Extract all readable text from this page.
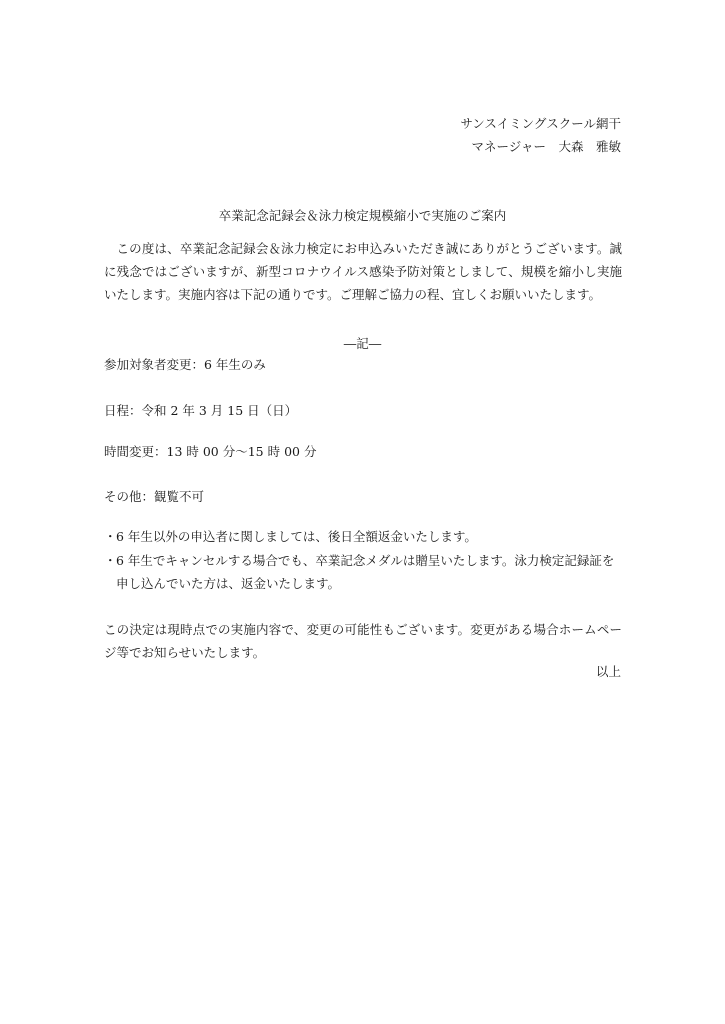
サンスイミングスクール網干
マネージャー　大森　雅敏
卒業記念記録会＆泳力検定規模縮小で実施のご案内
この度は、卒業記念記録会＆泳力検定にお申込みいただき誠にありがとうございます。誠に残念ではございますが、新型コロナウイルス感染予防対策としまして、規模を縮小し実施いたします。実施内容は下記の通りです。ご理解ご協力の程、宜しくお願いいたします。
―記―
参加対象者変更：6 年生のみ
日程：令和 2 年 3 月 15 日（日）
時間変更：13 時 00 分～15 時 00 分
その他：観覧不可
・ 6 年生以外の申込者に関しましては、後日全額返金いたします。
・ 6 年生でキャンセルする場合でも、卒業記念メダルは贈呈いたします。泳力検定記録証を申し込んでいた方は、返金いたします。
この決定は現時点での実施内容で、変更の可能性もございます。変更がある場合ホームページ等でお知らせいたします。
以上
